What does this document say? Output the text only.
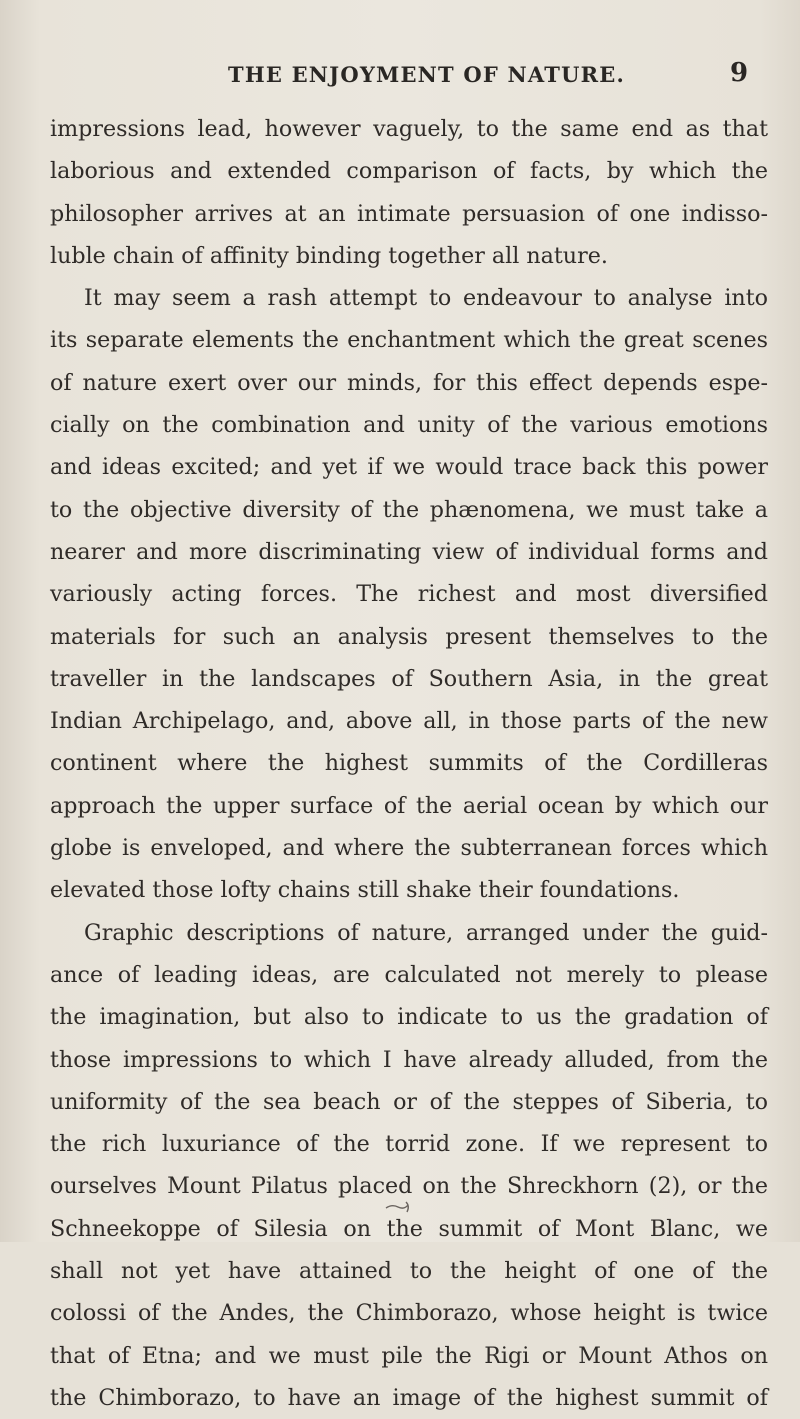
THE ENJOYMENT OF NATURE.	9
impressions lead, however vaguely, to the same end as that
laborious and extended comparison of facts, by which the
philosopher arrives at an intimate persuasion of one indisso-
luble chain of affinity binding together all nature.
It may seem a rash attempt to endeavour to analyse into
its separate elements the enchantment which the great scenes
of nature exert over our minds, for this effect depends espe-
cially on the combination and unity of the various emotions
and ideas excited; and yet if we would trace back this power
to the objective diversity of the phænomena, we must take a
nearer and more discriminating view of individual forms and
variously acting forces. The richest and most diversified
materials for such an analysis present themselves to the
traveller in the landscapes of Southern Asia, in the great
Indian Archipelago, and, above all, in those parts of the new
continent where the highest summits of the Cordilleras
approach the upper surface of the aerial ocean by which our
globe is enveloped, and where the subterranean forces which
elevated those lofty chains still shake their foundations.
Graphic descriptions of nature, arranged under the guid-
ance of leading ideas, are calculated not merely to please
the imagination, but also to indicate to us the gradation of
those impressions to which I have already alluded, from the
uniformity of the sea beach or of the steppes of Siberia, to
the rich luxuriance of the torrid zone. If we represent to
ourselves Mount Pilatus placed on the Shreckhorn (2), or the
Schneekoppe of Silesia on the summit of Mont Blanc, we
shall not yet have attained to the height of one of the
colossi of the Andes, the Chimborazo, whose height is twice
that of Etna; and we must pile the Rigi or Mount Athos on
the Chimborazo, to have an image of the highest summit of
